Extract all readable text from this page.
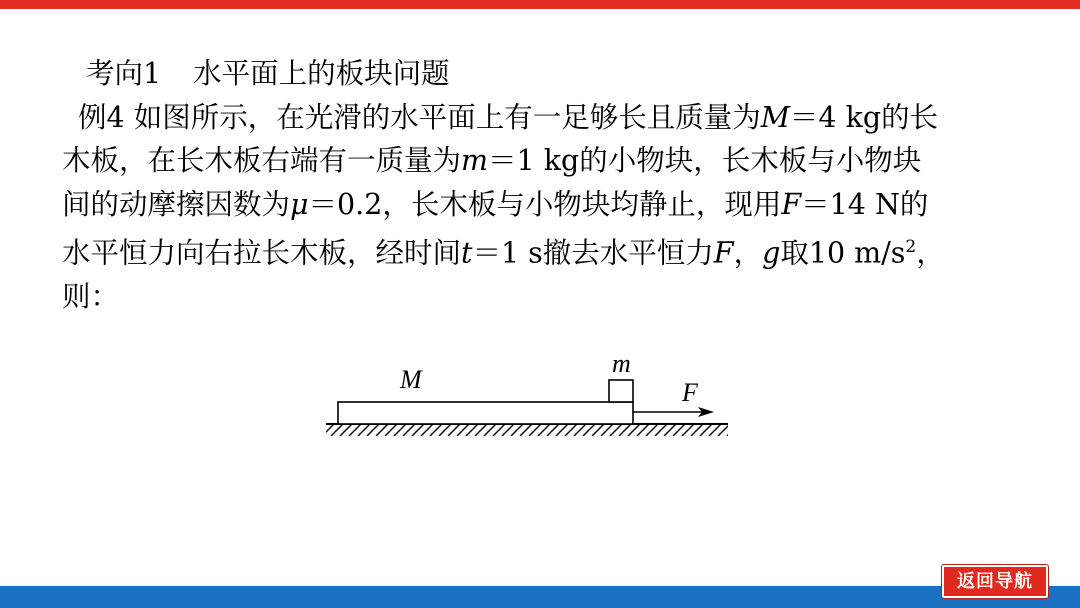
考向1 水平面上的板块问题
例4 如图所示，在光滑的水平面上有一足够长且质量为M＝4 kg的长
木板，在长木板右端有一质量为m＝1 kg的小物块，长木板与小物块
间的动摩擦因数为μ＝0.2，长木板与小物块均静止，现用F＝14 N的
水平恒力向右拉长木板，经时间t＝1 s撤去水平恒力F，g取10 $m/s^2$，
则：
M
m
F
返回导航
